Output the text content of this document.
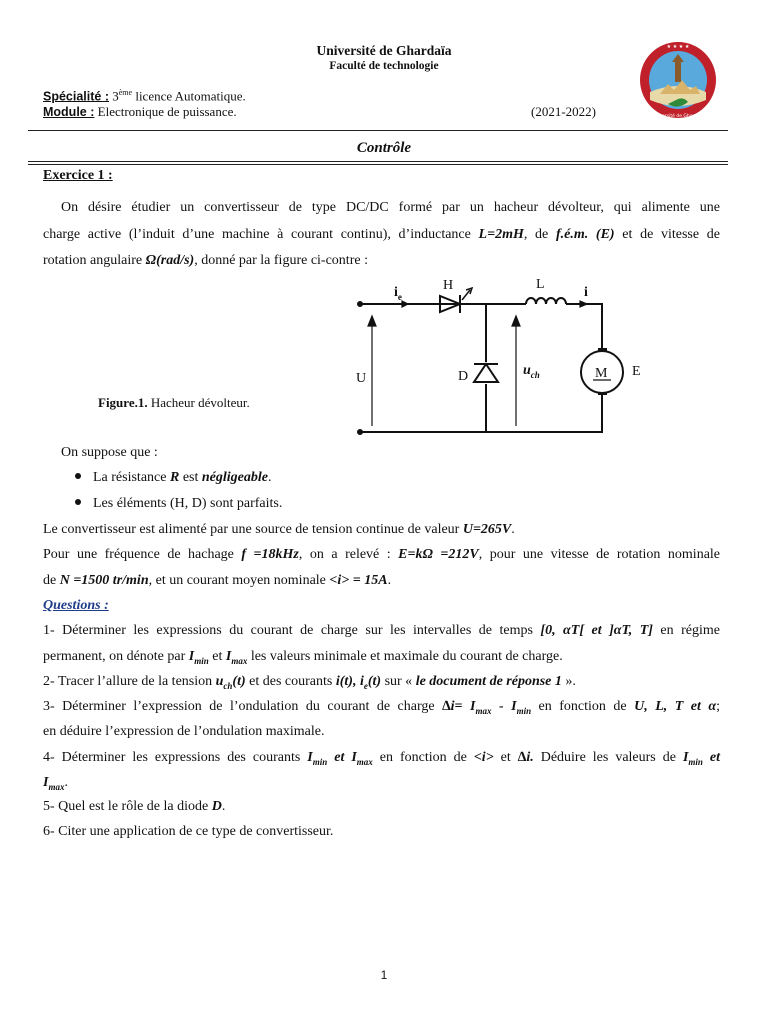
Université de Ghardaïa
Faculté de technologie
★ ★ ★ ★
Université de Ghardaïa
Spécialité : 3ème licence Automatique.
Module : Electronique de puissance.	(2021-2022)
Contrôle
Exercice 1 :
On désire étudier un convertisseur de type DC/DC formé par un hacheur dévolteur, qui alimente une
charge active (l’induit d’une machine à courant continu), d’inductance L=2mH, de f.é.m. (E) et de vitesse de
rotation angulaire Ω(rad/s), donné par la figure ci-contre :
Figure.1. Hacheur dévolteur.
$i_e$
H	L
i
U	D	$u_{ch}$	M E
On suppose que :
La résistance R est négligeable.
Les éléments (H, D) sont parfaits.
Le convertisseur est alimenté par une source de tension continue de valeur U=265V.
Pour une fréquence de hachage f =18kHz, on a relevé : E=kΩ =212V, pour une vitesse de rotation nominale
de N =1500 tr/min, et un courant moyen nominale <i> = 15A.
Questions :
1- Déterminer les expressions du courant de charge sur les intervalles de temps [0, αT[ et ]αT, T] en régime
permanent, on dénote par $I_{min}$ et $I_{max}$ les valeurs minimale et maximale du courant de charge.
2- Tracer l’allure de la tension $u_{ch}(t)$ et des courants i(t), $i_e(t)$ sur « le document de réponse 1 ».
3- Déterminer l’expression de l’ondulation du courant de charge $\Delta i= I_{max} - I_{min}$ en fonction de U, L, T et α;
en déduire l’expression de l’ondulation maximale.
4- Déterminer les expressions des courants $I_{min}$ et $I_{max}$ en fonction de <i> et ∆i. Déduire les valeurs de $I_{min}$ et
$I_{max}$.
5- Quel est le rôle de la diode D.
6- Citer une application de ce type de convertisseur.
1
